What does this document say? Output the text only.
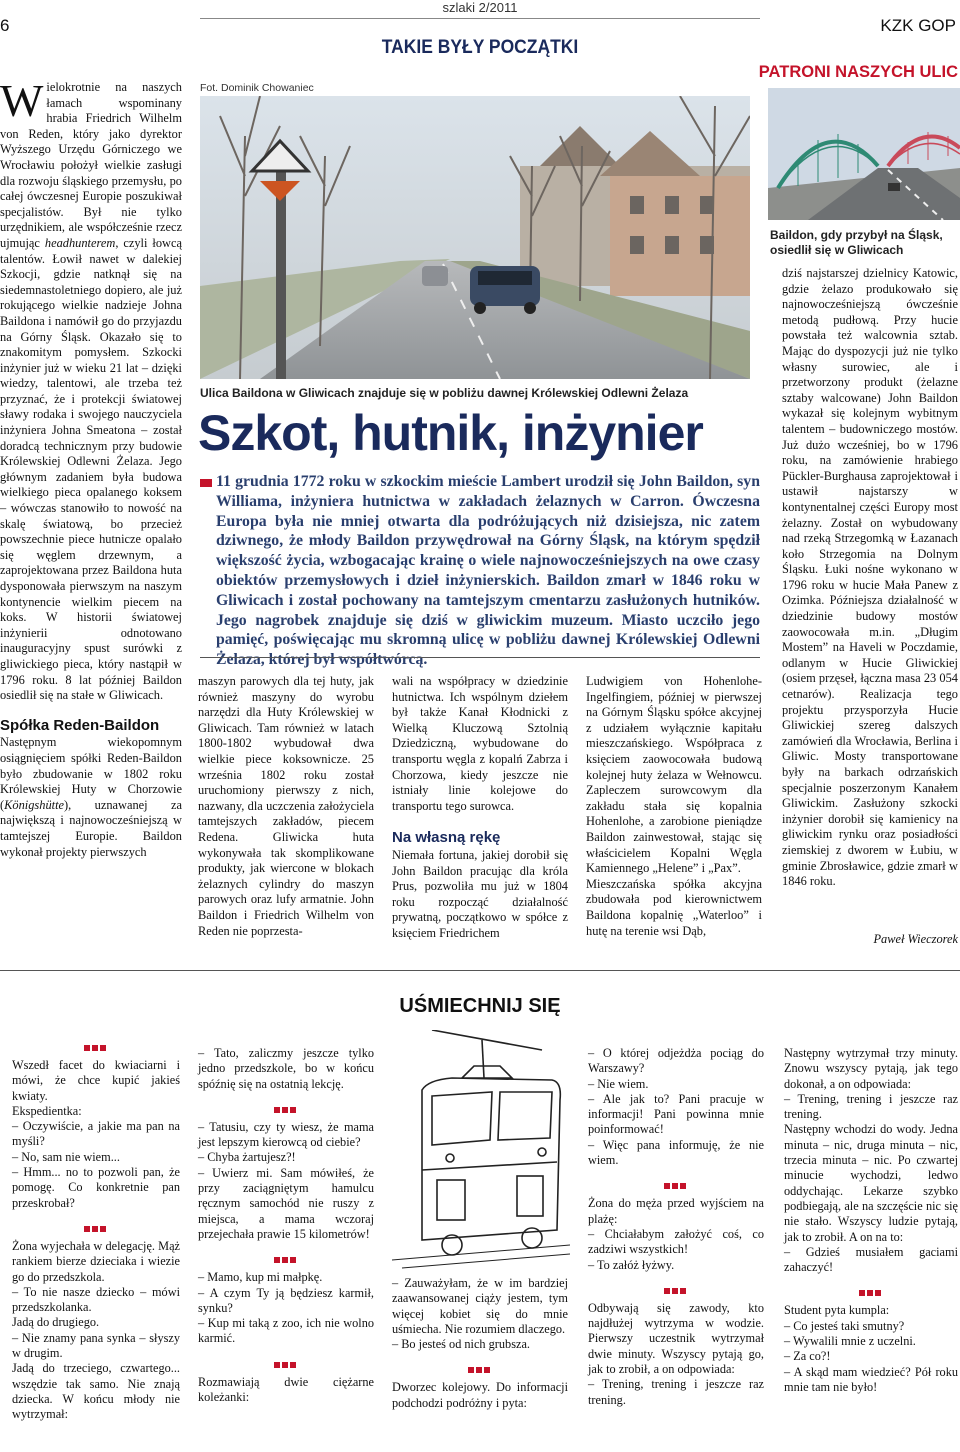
6
szlaki 2/2011
TAKIE BYŁY POCZĄTKI
KZK GOP
PATRONI NASZYCH ULIC
Fot. Dominik Chowaniec
Ulica Baildona w Gliwicach znajduje się w pobliżu dawnej Królewskiej Odlewni Żelaza
Baildon, gdy przybył na Śląsk, osiedlił się w Gliwicach
Szkot, hutnik, inżynier
11 grudnia 1772 roku w szkockim mieście Lambert urodził się John Baildon, syn Williama, inżyniera hutnictwa w zakładach żelaznych w Carron. Ówczesna Europa była nie mniej otwarta dla podróżujących niż dzisiejsza, nic zatem dziwnego, że młody Baildon przywędrował na Górny Śląsk, na którym spędził większość życia, wzbogacając krainę o wiele najnowocześniejszych na owe czasy obiektów przemysłowych i dzieł inżynierskich. Baildon zmarł w 1846 roku w Gliwicach i został pochowany na tamtejszym cmentarzu zasłużonych hutników. Jego nagrobek znajduje się dziś w gliwickim muzeum. Miasto uczciło jego pamięć, poświęcając mu skromną ulicę w pobliżu dawnej Królewskiej Odlewni Żelaza, której był współtwórcą.

Wielokrotnie na naszych łamach wspominany hrabia Friedrich Wilhelm von Reden, który jako dyrektor Wyższego Urzędu Górniczego we Wrocławiu położył wielkie zasługi dla rozwoju śląskiego przemysłu, po całej ówczesnej Europie poszukiwał specjalistów. Był nie tylko urzędnikiem, ale współcześnie rzecz ujmując headhunterem, czyli łowcą talentów. Łowił nawet w dalekiej Szkocji, gdzie natknął się na siedemnastoletniego dopiero, ale już rokującego wielkie nadzieje Johna Baildona i namówił go do przyjazdu na Górny Śląsk. Okazało się to znakomitym pomysłem. Szkocki inżynier już w wieku 21 lat – dzięki wiedzy, talentowi, ale trzeba też przyznać, że i protekcji światowej sławy rodaka i swojego nauczyciela inżyniera Johna Smeatona – został doradcą technicznym przy budowie Królewskiej Odlewni Żelaza. Jego głównym zadaniem była budowa wielkiego pieca opalanego koksem – wówczas stanowiło to nowość na skalę światową, bo przecież powszechnie piece hutnicze opalało się węglem drzewnym, a zaprojektowana przez Baildona huta dysponowała pierwszym na naszym kontynencie wielkim piecem na koks. W historii światowej inżynierii odnotowano inauguracyjny spust surówki z gliwickiego pieca, który nastąpił w 1796 roku. 8 lat później Baildon osiedlił się na stałe w Gliwicach.

Spółka Reden-Baildon

Następnym wiekopomnym osiągnięciem spółki Reden-Baildon było zbudowanie w 1802 roku Królewskiej Huty w Chorzowie (Königshütte), uznawanej za największą i najnowocześniejszą w tamtejszej Europie. Baildon wykonał projekty pierwszych

maszyn parowych dla tej huty, jak również maszyny do wyrobu narzędzi dla Huty Królewskiej w Gliwicach. Tam również w latach 1800-1802 wybudował dwa wielkie piece koksownicze. 25 września 1802 roku został uruchomiony pierwszy z nich, nazwany, dla uczczenia założyciela tamtejszych zakładów, piecem Redena. Gliwicka huta wykonywała tak skomplikowane produkty, jak wiercone w blokach żelaznych cylindry do maszyn parowych oraz lufy armatnie. John Baildon i Friedrich Wilhelm von Reden nie poprzesta-

wali na współpracy w dziedzinie hutnictwa. Ich wspólnym dziełem był także Kanał Kłodnicki z Wielką Kluczową Sztolnią Dziedziczną, wybudowane do transportu węgla z kopalń Zabrza i Chorzowa, kiedy jeszcze nie istniały linie kolejowe do transportu tego surowca.

Na własną rękę

Niemała fortuna, jakiej dorobił się John Baildon pracując dla króla Prus, pozwoliła mu już w 1804 roku rozpocząć działalność prywatną, początkowo w spółce z księciem Friedrichem

Ludwigiem von Hohenlohe-Ingelfingiem, później w pierwszej na Górnym Śląsku spółce akcyjnej z udziałem wyłącznie kapitału mieszczańskiego. Współpraca z księciem zaowocowała budową kolejnej huty żelaza w Wełnowcu. Zapleczem surowcowym dla zakładu stała się kopalnia Hohenlohe, a zarobione pieniądze Baildon zainwestował, stając się właścicielem Kopalni Węgla Kamiennego „Helene” i „Pax”.

Mieszczańska spółka akcyjna zbudowała pod kierownictwem Baildona kopalnię „Waterloo” i hutę na terenie wsi Dąb,

dziś najstarszej dzielnicy Katowic, gdzie żelazo produkowało się najnowocześniejszą ówcześnie metodą pudłową. Przy hucie powstała też walcownia sztab. Mając do dyspozycji już nie tylko własny surowiec, ale i przetworzony produkt (żelazne sztaby walcowane) John Baildon wykazał się kolejnym wybitnym talentem – budowniczego mostów. Już dużo wcześniej, bo w 1796 roku, na zamówienie hrabiego Pückler-Burghausa zaprojektował i ustawił najstarszy w kontynentalnej części Europy most żelazny. Został on wybudowany nad rzeką Strzegomką w Łazanach koło Strzegomia na Dolnym Śląsku. Łuki nośne wykonano w 1796 roku w hucie Mała Panew z Ozimka. Późniejsza działalność w dziedzinie budowy mostów zaowocowała m.in. „Długim Mostem” na Haveli w Poczdamie, odlanym w Hucie Gliwickiej (osiem przęseł, łączna masa 23 054 cetnarów). Realizacja tego projektu przysporzyła Hucie Gliwickiej szereg dalszych zamówień dla Wrocławia, Berlina i Gliwic. Mosty transportowane były na barkach odrzańskich specjalnie poszerzonym Kanałem Gliwickim. Zasłużony szkocki inżynier dorobił się kamienicy na gliwickim rynku oraz posiadłości ziemskiej z dworem w Łubiu, w gminie Zbrosławice, gdzie zmarł w 1846 roku.

Paweł Wieczorek
UŚMIECHNIJ SIĘ

Wszedł facet do kwiaciarni i mówi, że chce kupić jakieś kwiaty.

Ekspedientka:

– Oczywiście, a jakie ma pan na myśli?

– No, sam nie wiem...

– Hmm... no to pozwoli pan, że pomogę. Co konkretnie pan przeskrobał?

Żona wyjechała w delegację. Mąż rankiem bierze dzieciaka i wiezie go do przedszkola.

– To nie nasze dziecko – mówi przedszkolanka.

Jadą do drugiego.

– Nie znamy pana synka – słyszy w drugim.

Jadą do trzeciego, czwartego... wszędzie tak samo. Nie znają dziecka. W końcu młody nie wytrzymał:

– Tato, zaliczmy jeszcze tylko jedno przedszkole, bo w końcu spóźnię się na ostatnią lekcję.

– Tatusiu, czy ty wiesz, że mama jest lepszym kierowcą od ciebie?

– Chyba żartujesz?!

– Uwierz mi. Sam mówiłeś, że przy zaciągniętym hamulcu ręcznym samochód nie ruszy z miejsca, a mama wczoraj przejechała prawie 15 kilometrów!

– Mamo, kup mi małpkę.

– A czym Ty ją będziesz karmił, synku?

– Kup mi taką z zoo, ich nie wolno karmić.

Rozmawiają dwie ciężarne koleżanki:

– Zauważyłam, że w im bardziej zaawansowanej ciąży jestem, tym więcej kobiet się do mnie uśmiecha. Nie rozumiem dlaczego.

– Bo jesteś od nich grubsza.

Dworzec kolejowy. Do informacji podchodzi podróżny i pyta:

– O której odjeżdża pociąg do Warszawy?

– Nie wiem.

– Ale jak to? Pani pracuje w informacji! Pani powinna mnie poinformować!

– Więc pana informuję, że nie wiem.

Żona do męża przed wyjściem na plażę:

– Chciałabym założyć coś, co zadziwi wszystkich!

– To załóż łyżwy.

Odbywają się zawody, kto najdłużej wytrzyma w wodzie. Pierwszy uczestnik wytrzymał dwie minuty. Wszyscy pytają go, jak to zrobił, a on odpowiada:

– Trening, trening i jeszcze raz trening.

Następny wytrzymał trzy minuty. Znowu wszyscy pytają, jak tego dokonał, a on odpowiada:

– Trening, trening i jeszcze raz trening.

Następny wchodzi do wody. Jedna minuta – nic, druga minuta – nic, trzecia minuta – nic. Po czwartej minucie wychodzi, ledwo oddychając. Lekarze szybko podbiegają, ale na szczęście nic się nie stało. Wszyscy ludzie pytają, jak to zrobił. A on na to:

– Gdzieś musiałem gaciami zahaczyć!

Student pyta kumpla:

– Co jesteś taki smutny?

– Wywalili mnie z uczelni.

– Za co?!

– A skąd mam wiedzieć? Pół roku mnie tam nie było!
